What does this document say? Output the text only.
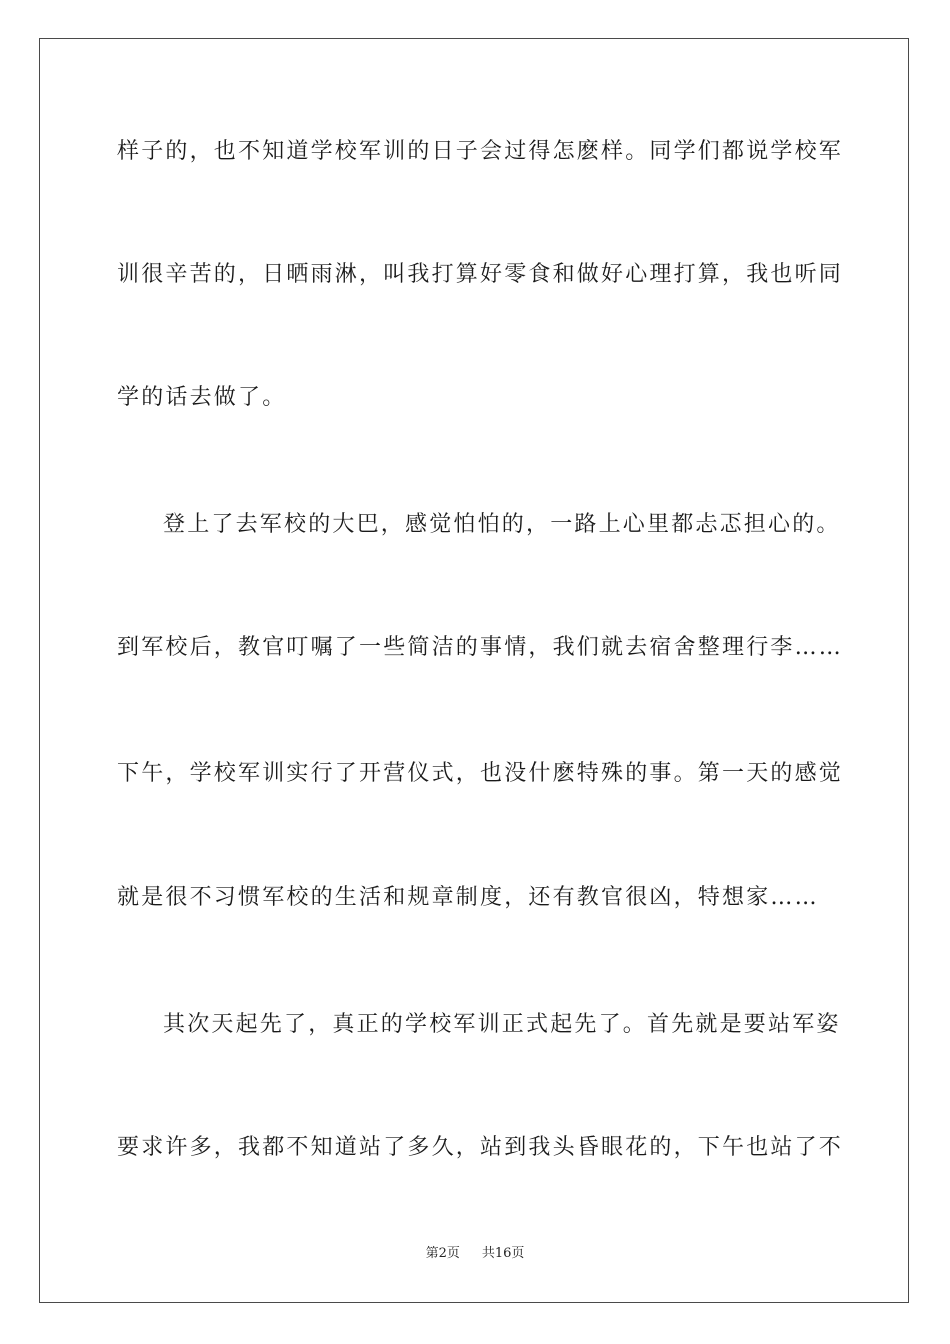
样子的，也不知道学校军训的日子会过得怎麽样。同学们都说学校军
训很辛苦的，日晒雨淋，叫我打算好零食和做好心理打算，我也听同
学的话去做了。
登上了去军校的大巴，感觉怕怕的，一路上心里都忐忑担心的。
到军校后，教官叮嘱了一些简洁的事情，我们就去宿舍整理行李……
下午，学校军训实行了开营仪式，也没什麽特殊的事。第一天的感觉
就是很不习惯军校的生活和规章制度，还有教官很凶，特想家……
其次天起先了，真正的学校军训正式起先了。首先就是要站军姿
要求许多，我都不知道站了多久，站到我头昏眼花的，下午也站了不
第2页 共16页
